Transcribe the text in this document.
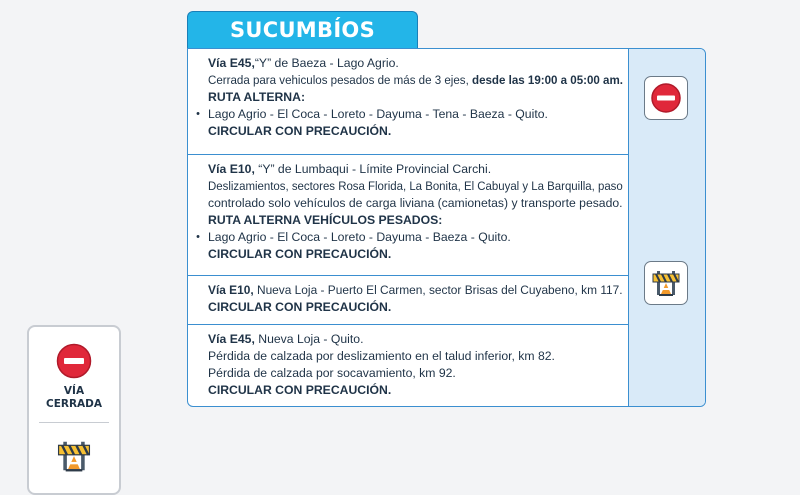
SUCUMBÍOS
Vía E45,“Y” de Baeza - Lago Agrio.
Cerrada para vehiculos pesados de más de 3 ejes, desde las 19:00 a 05:00 am.
RUTA ALTERNA:
• Lago Agrio - El Coca - Loreto - Dayuma - Tena - Baeza - Quito.
CIRCULAR CON PRECAUCIÓN.
Vía E10, “Y” de Lumbaqui - Límite Provincial Carchi.
Deslizamientos, sectores Rosa Florida, La Bonita, El Cabuyal y La Barquilla, paso
controlado solo vehículos de carga liviana (camionetas) y transporte pesado.
RUTA ALTERNA VEHÍCULOS PESADOS:
• Lago Agrio - El Coca - Loreto - Dayuma - Baeza - Quito.
CIRCULAR CON PRECAUCIÓN.
Vía E10, Nueva Loja - Puerto El Carmen, sector Brisas del Cuyabeno, km 117.
CIRCULAR CON PRECAUCIÓN.
Vía E45, Nueva Loja - Quito.
Pérdida de calzada por deslizamiento en el talud inferior, km 82.
Pérdida de calzada por socavamiento, km 92.
CIRCULAR CON PRECAUCIÓN.
VÍA
CERRADA
